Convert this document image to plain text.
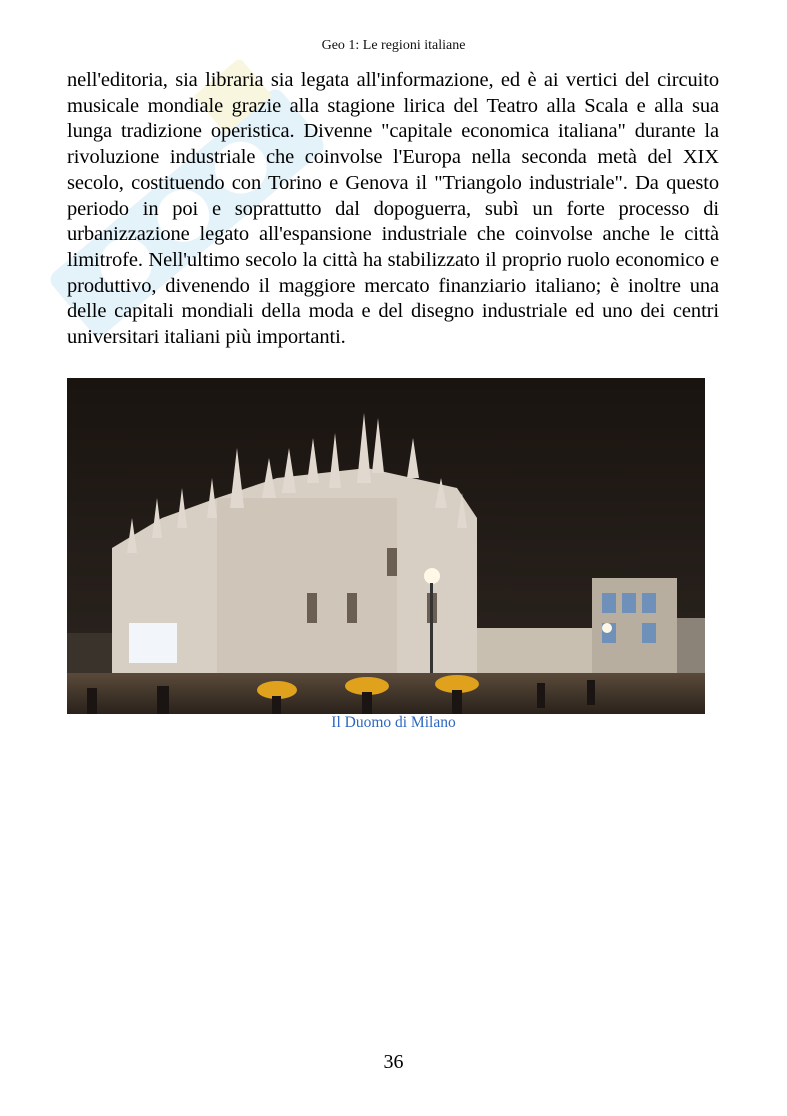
Geo 1: Le regioni italiane

nell'editoria, sia libraria sia legata all'informazione, ed è ai vertici del circuito musicale mondiale grazie alla stagione lirica del Teatro alla Scala e alla sua lunga tradizione operistica. Divenne "capitale economica italiana" durante la rivoluzione industriale che coinvolse l'Europa nella seconda metà del XIX secolo, costituendo con Torino e Genova il "Triangolo industriale". Da questo periodo in poi e soprattutto dal dopoguerra, subì un forte processo di urbanizzazione legato all'espansione industriale che coinvolse anche le città limitrofe. Nell'ultimo secolo la città ha stabilizzato il proprio ruolo economico e produttivo, divenendo il maggiore mercato finanziario italiano; è inoltre una delle capitali mondiali della moda e del disegno industriale ed uno dei centri universitari italiani più importanti.

Il Duomo di Milano
36
